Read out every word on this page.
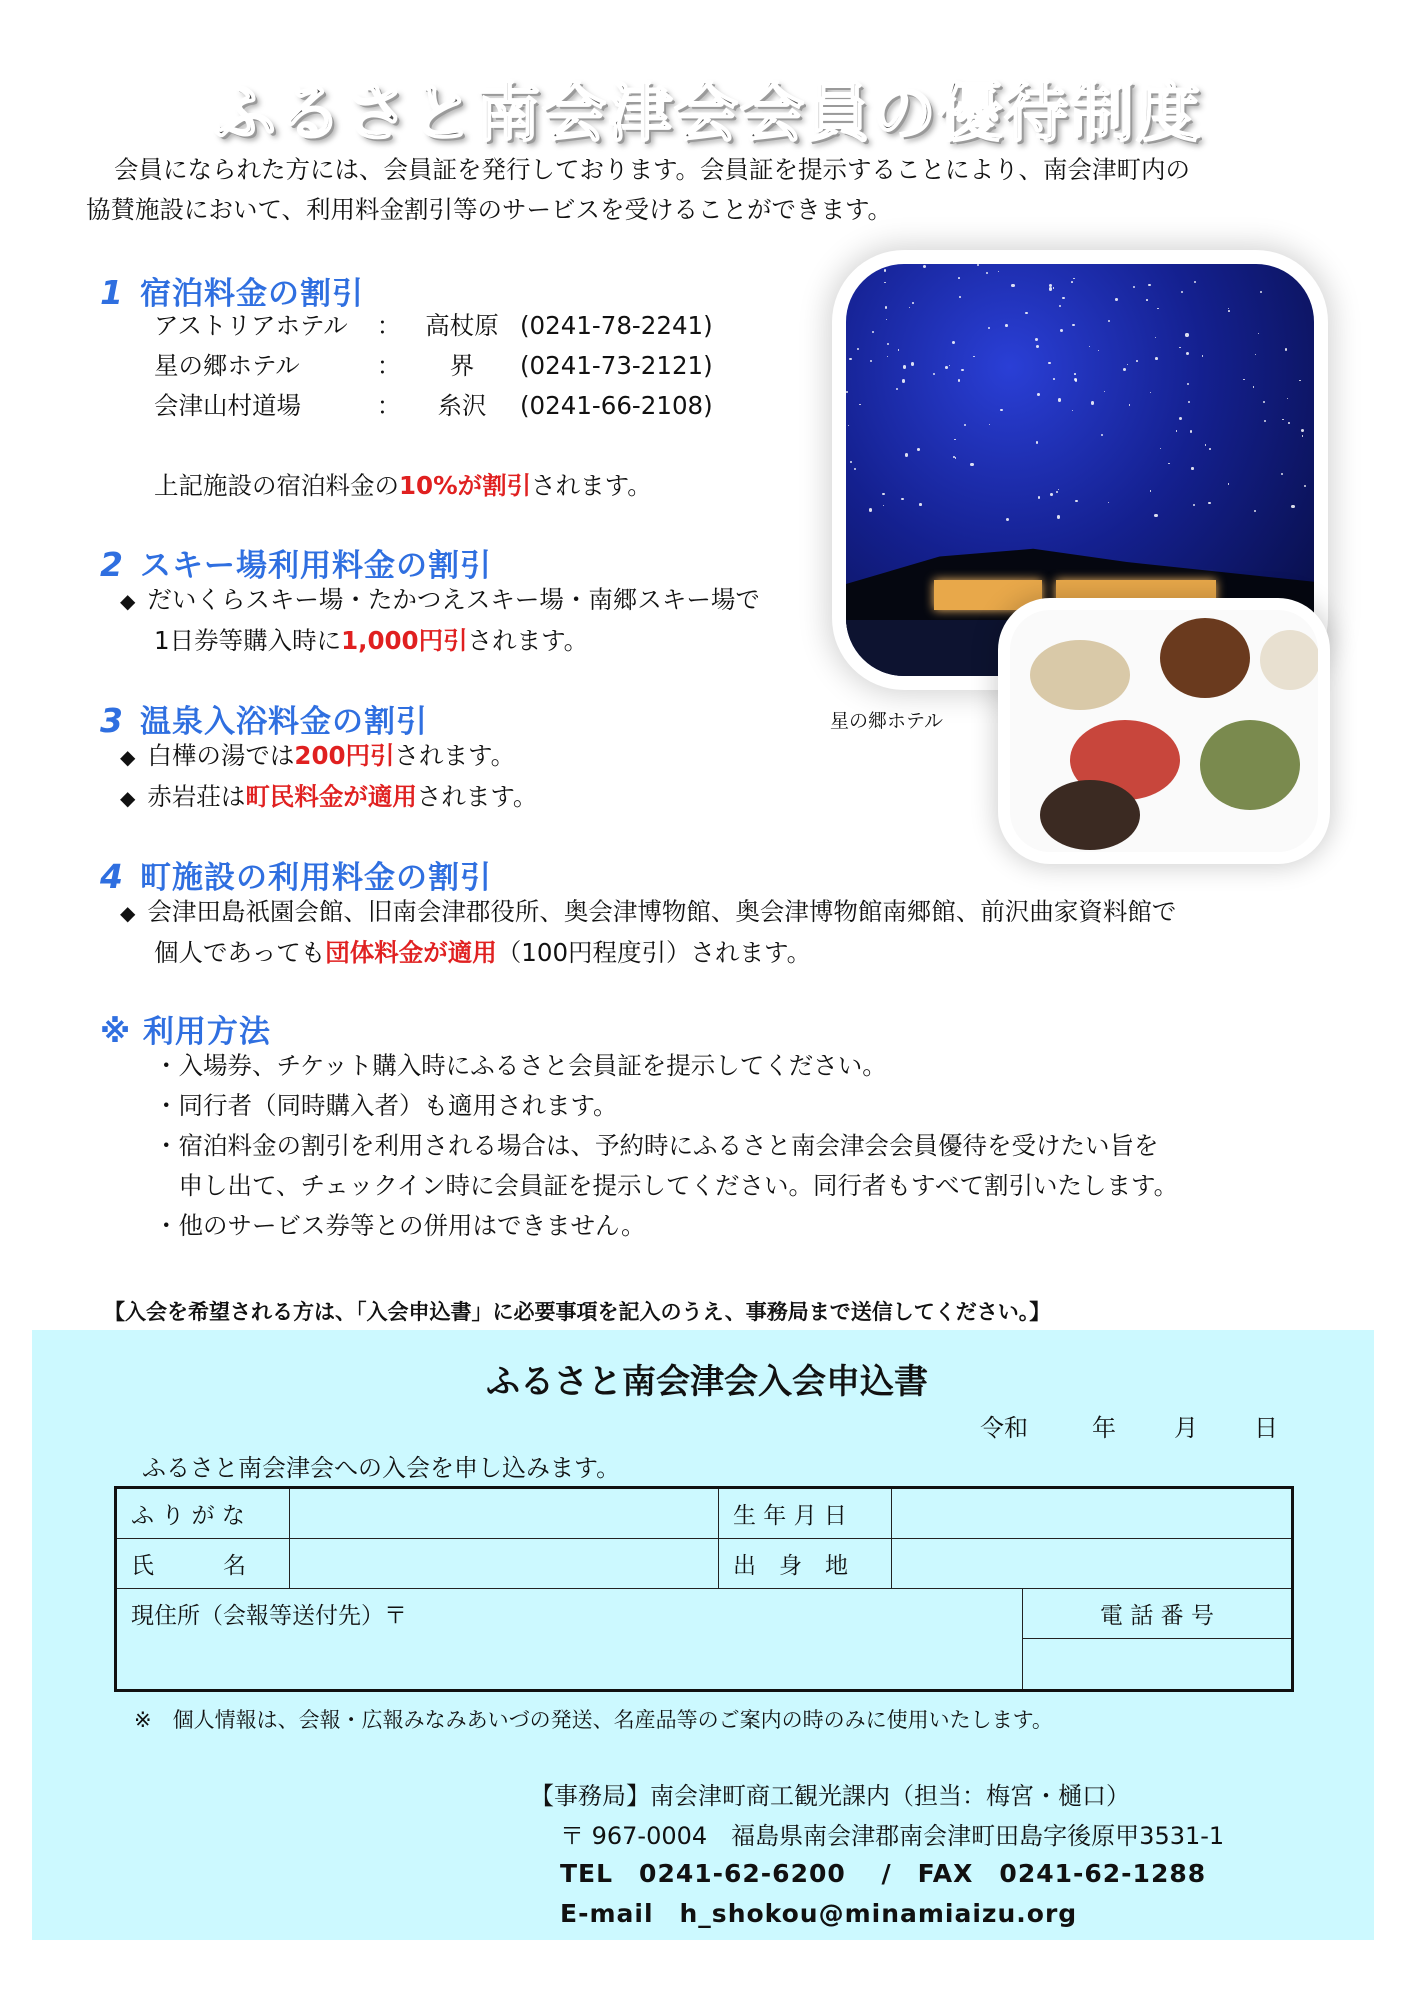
ふるさと南会津会会員の優待制度

会員になられた方には、会員証を発行しております。会員証を提示することにより、南会津町内の

協賛施設において、利用料金割引等のサービスを受けることができます。

1 宿泊料金の割引
アストリアホテル ： 高杖原 (0241-78-2241)
星の郷ホテル	： 界 (0241-73-2121)
会津山村道場	： 糸沢 (0241-66-2108)
上記施設の宿泊料金の10%が割引されます。
2 スキー場利用料金の割引
◆ だいくらスキー場・たかつえスキー場・南郷スキー場で
1日券等購入時に1,000円引されます。
3 温泉入浴料金の割引
◆ 白樺の湯では200円引されます。
◆ 赤岩荘は町民料金が適用されます。
4 町施設の利用料金の割引
◆ 会津田島祇園会館、旧南会津郡役所、奥会津博物館、奥会津博物館南郷館、前沢曲家資料館で
個人であっても団体料金が適用（100円程度引）されます。
※ 利用方法
・入場券、チケット購入時にふるさと会員証を提示してください。
・同行者（同時購入者）も適用されます。
・宿泊料金の割引を利用される場合は、予約時にふるさと南会津会会員優待を受けたい旨を
　申し出て、チェックイン時に会員証を提示してください。同行者もすべて割引いたします。
・他のサービス券等との併用はできません。
星の郷ホテル
【入会を希望される方は、「入会申込書」に必要事項を記入のうえ、事務局まで送信してください。】
ふるさと南会津会入会申込書
令和	年 月 日
ふるさと南会津会への入会を申し込みます。
ふ り が な		生 年 月 日		
氏　　　名		出　身　地		
現住所（会報等送付先）〒				電 話 番 号

※　個人情報は、会報・広報みなみあいづの発送、名産品等のご案内の時のみに使用いたします。
【事務局】南会津町商工観光課内（担当：梅宮・樋口）
〒 967-0004　福島県南会津郡南会津町田島字後原甲3531-1
TEL　0241-62-6200　 /　FAX　0241-62-1288
E-mail　h_shokou@minamiaizu.org
